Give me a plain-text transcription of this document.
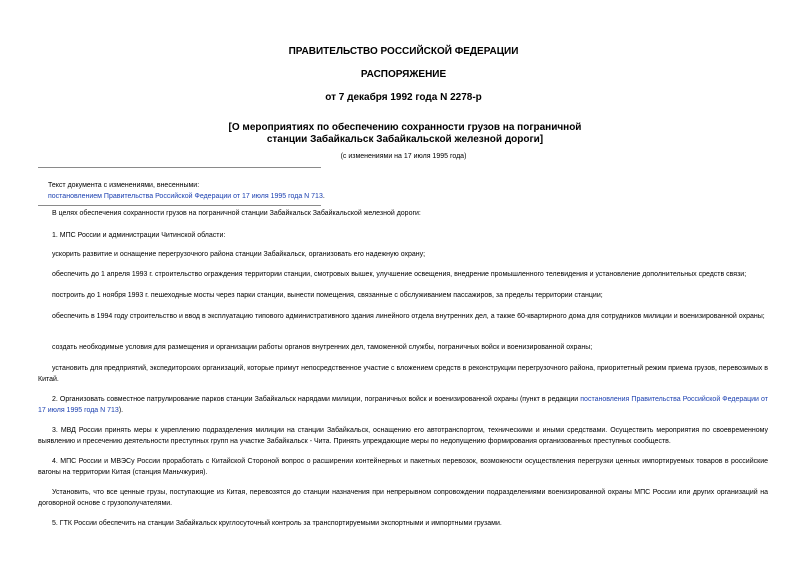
ПРАВИТЕЛЬСТВО РОССИЙСКОЙ ФЕДЕРАЦИИ
РАСПОРЯЖЕНИЕ
от 7 декабря 1992 года N 2278-р
[О мероприятиях по обеспечению сохранности грузов на пограничной
станции Забайкальск Забайкальской железной дороги]
(с изменениями на 17 июля 1995 года)
Текст документа с изменениями, внесенными:
постановлением Правительства Российской Федерации от 17 июля 1995 года N 713.
В целях обеспечения сохранности грузов на пограничной станции Забайкальск Забайкальской железной дороги:
1. МПС России и администрации Читинской области:
ускорить развитие и оснащение перегрузочного района станции Забайкальск, организовать его надежную охрану;
обеспечить до 1 апреля 1993 г. строительство ограждения территории станции, смотровых вышек, улучшение освещения, внедрение промышленного телевидения и установление дополнительных средств связи;
построить до 1 ноября 1993 г. пешеходные мосты через парки станции, вынести помещения, связанные с обслуживанием пассажиров, за пределы территории станции;
обеспечить в 1994 году строительство и ввод в эксплуатацию типового административного здания линейного отдела внутренних дел, а также 60-квартирного дома для сотрудников милиции и военизированной охраны;
создать необходимые условия для размещения и организации работы органов внутренних дел, таможенной службы, пограничных войск и военизированной охраны;
установить для предприятий, экспедиторских организаций, которые примут непосредственное участие с вложением средств в реконструкции перегрузочного района, приоритетный режим приема грузов, перевозимых в Китай.
2. Организовать совместное патрулирование парков станции Забайкальск нарядами милиции, пограничных войск и военизированной охраны (пункт в редакции постановления Правительства Российской Федерации от 17 июля 1995 года N 713).
3. МВД России принять меры к укреплению подразделения милиции на станции Забайкальск, оснащению его автотранспортом, техническими и иными средствами. Осуществить мероприятия по своевременному выявлению и пресечению деятельности преступных групп на участке Забайкальск - Чита. Принять упреждающие меры по недопущению формирования организованных преступных сообществ.
4. МПС России и МВЭСу России проработать с Китайской Стороной вопрос о расширении контейнерных и пакетных перевозок, возможности осуществления перегрузки ценных импортируемых товаров в российские вагоны на территории Китая (станция Маньчжурия).
Установить, что все ценные грузы, поступающие из Китая, перевозятся до станции назначения при непрерывном сопровождении подразделениями военизированной охраны МПС России или других организаций на договорной основе с грузополучателями.
5. ГТК России обеспечить на станции Забайкальск круглосуточный контроль за транспортируемыми экспортными и импортными грузами.
